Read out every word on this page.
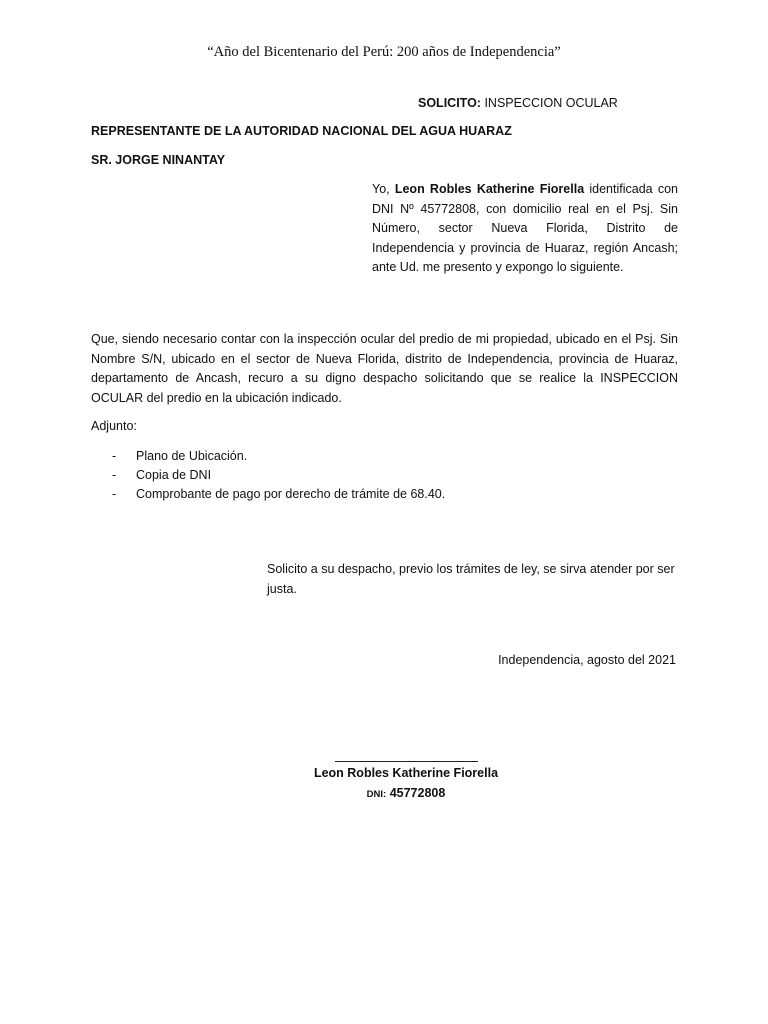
“Año del Bicentenario del Perú: 200 años de Independencia”
SOLICITO: INSPECCION OCULAR
REPRESENTANTE DE LA AUTORIDAD NACIONAL DEL AGUA HUARAZ
SR. JORGE NINANTAY
Yo, Leon Robles Katherine Fiorella identificada con DNI Nº 45772808, con domicilio real en el Psj. Sin Número, sector Nueva Florida, Distrito de Independencia y provincia de Huaraz, región Ancash; ante Ud. me presento y expongo lo siguiente.
Que, siendo necesario contar con la inspección ocular del predio de mi propiedad, ubicado en el Psj. Sin Nombre S/N, ubicado en el sector de Nueva Florida, distrito de Independencia, provincia de Huaraz, departamento de Ancash, recuro a su digno despacho solicitando que se realice la INSPECCION OCULAR del predio en la ubicación indicado.
Adjunto:
- Plano de Ubicación.
- Copia de DNI
- Comprobante de pago por derecho de trámite de 68.40.
Solicito a su despacho, previo los trámites de ley, se sirva atender por ser justa.
Independencia, agosto del 2021
Leon Robles Katherine Fiorella
DNI: 45772808
